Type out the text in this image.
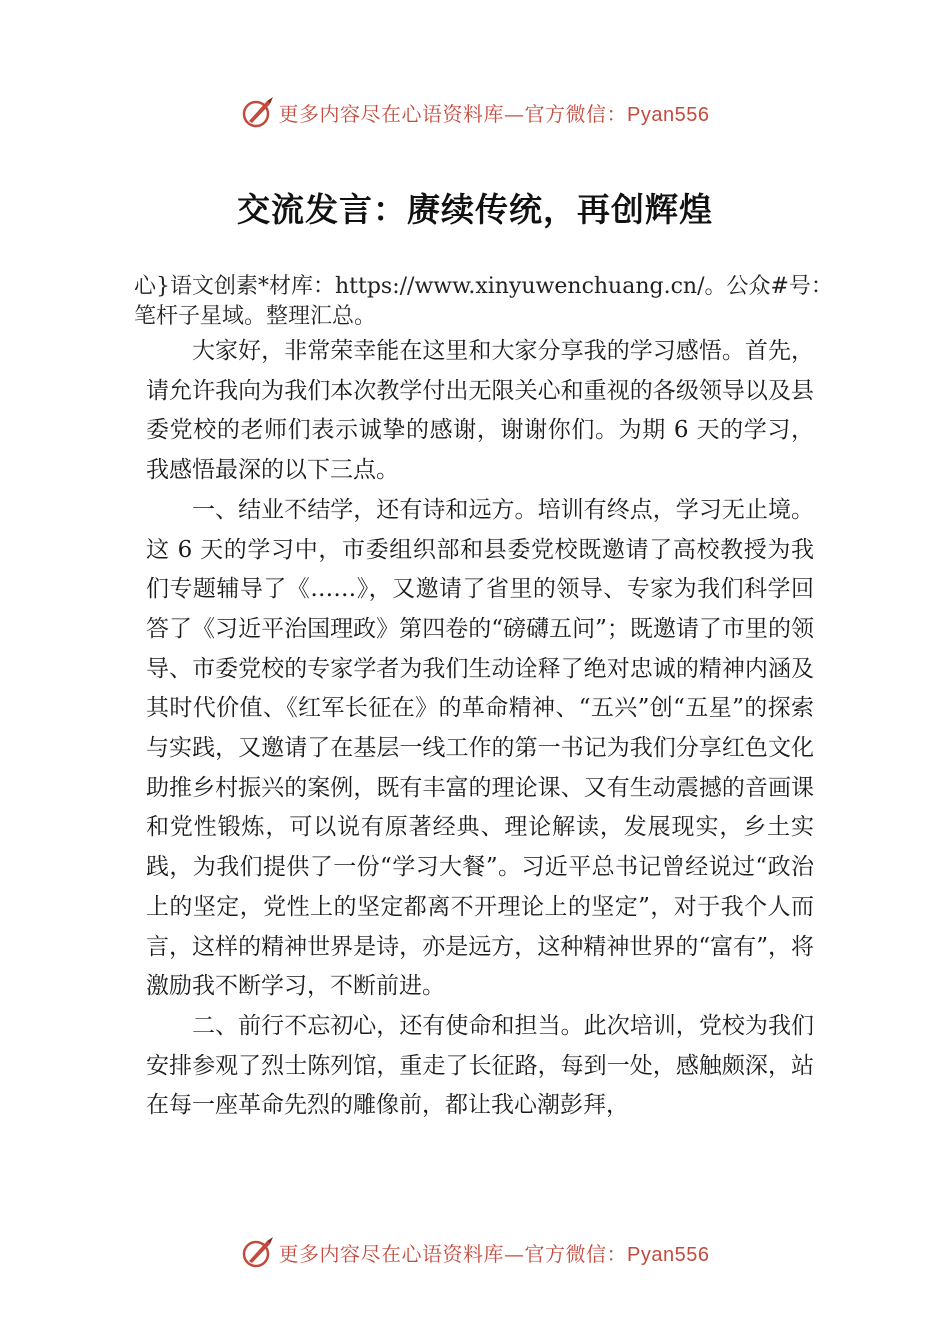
更多内容尽在心语资料库—官方微信：Pyan556
交流发言：赓续传统，再创辉煌
心}语文创素*材库：https://www.xinyuwenchuang.cn/。公众#号：笔杆子星域。整理汇总。

大家好，非常荣幸能在这里和大家分享我的学习感悟。首先，请允许我向为我们本次教学付出无限关心和重视的各级领导以及县委党校的老师们表示诚挚的感谢，谢谢你们。为期 6 天的学习，我感悟最深的以下三点。

一、结业不结学，还有诗和远方。培训有终点，学习无止境。这 6 天的学习中，市委组织部和县委党校既邀请了高校教授为我们专题辅导了《……》，又邀请了省里的领导、专家为我们科学回答了《习近平治国理政》第四卷的“磅礴五问”；既邀请了市里的领导、市委党校的专家学者为我们生动诠释了绝对忠诚的精神内涵及其时代价值、《红军长征在》的革命精神、“五兴”创“五星”的探索与实践，又邀请了在基层一线工作的第一书记为我们分享红色文化助推乡村振兴的案例，既有丰富的理论课、又有生动震撼的音画课和党性锻炼，可以说有原著经典、理论解读，发展现实，乡土实践，为我们提供了一份“学习大餐”。习近平总书记曾经说过“政治上的坚定，党性上的坚定都离不开理论上的坚定”，对于我个人而言，这样的精神世界是诗，亦是远方，这种精神世界的“富有”，将激励我不断学习，不断前进。

二、前行不忘初心，还有使命和担当。此次培训，党校为我们安排参观了烈士陈列馆，重走了长征路，每到一处，感触颇深，站在每一座革命先烈的雕像前，都让我心潮彭拜，

更多内容尽在心语资料库—官方微信：Pyan556
